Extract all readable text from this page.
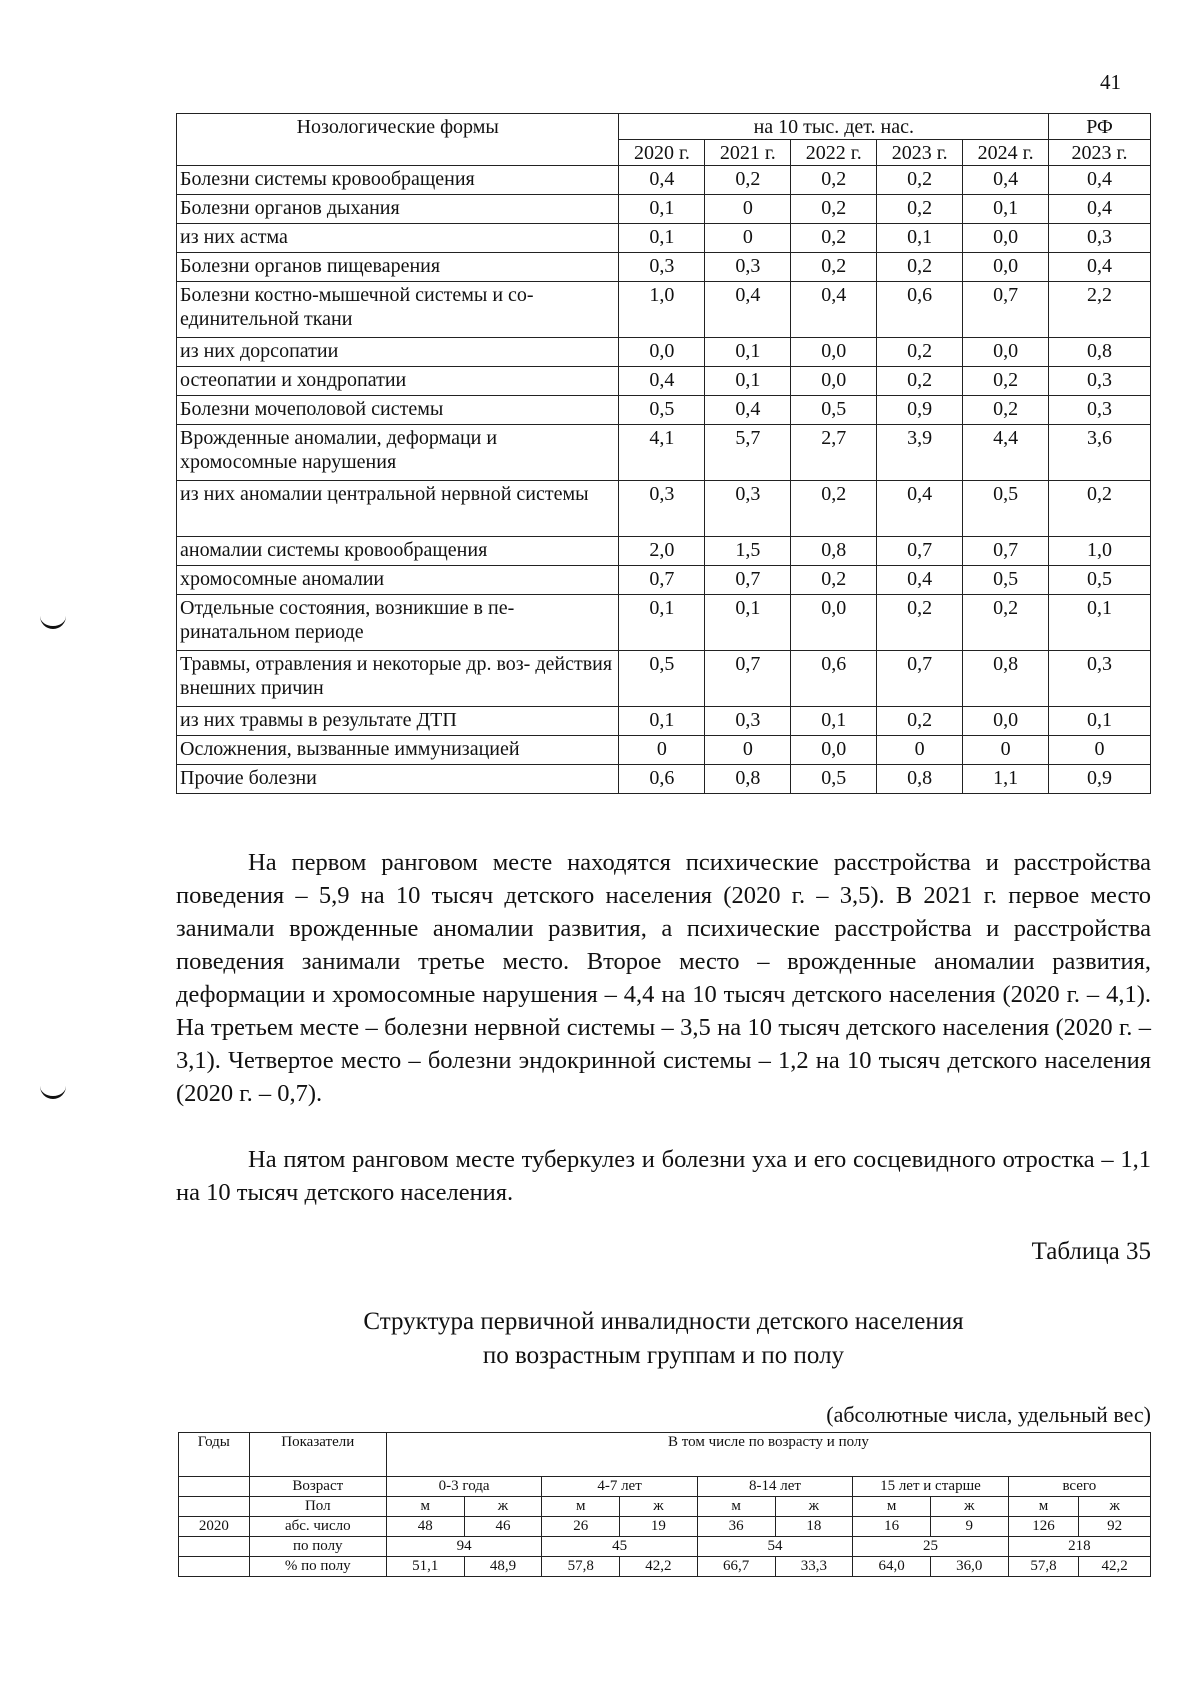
41
Нозологические формы	на 10 тыс. дет. нас.					РФ
	2020 г.	2021 г.	2022 г.	2023 г.	2024 г.	2023 г.
Болезни системы кровообращения	0,4	0,2	0,2	0,2	0,4	0,4
Болезни органов дыхания	0,1	0	0,2	0,2	0,1	0,4
из них астма	0,1	0	0,2	0,1	0,0	0,3
Болезни органов пищеварения	0,3	0,3	0,2	0,2	0,0	0,4
Болезни костно-мышечной системы и со- единительной ткани	1,0	0,4	0,4	0,6	0,7	2,2
из них дорсопатии	0,0	0,1	0,0	0,2	0,0	0,8
остеопатии и хондропатии	0,4	0,1	0,0	0,2	0,2	0,3
Болезни мочеполовой системы	0,5	0,4	0,5	0,9	0,2	0,3
Врожденные аномалии, деформаци и хромосомные нарушения	4,1	5,7	2,7	3,9	4,4	3,6
из них аномалии центральной нервной системы	0,3	0,3	0,2	0,4	0,5	0,2
аномалии системы кровообращения	2,0	1,5	0,8	0,7	0,7	1,0
хромосомные аномалии	0,7	0,7	0,2	0,4	0,5	0,5
Отдельные состояния, возникшие в пе- ринатальном периоде	0,1	0,1	0,0	0,2	0,2	0,1
Травмы, отравления и некоторые др. воз- действия внешних причин	0,5	0,7	0,6	0,7	0,8	0,3
из них травмы в результате ДТП	0,1	0,3	0,1	0,2	0,0	0,1
Осложнения, вызванные иммунизацией	0	0	0,0	0	0	0
Прочие болезни	0,6	0,8	0,5	0,8	1,1	0,9

На первом ранговом месте находятся психические расстройства и расстройства поведения – 5,9 на 10 тысяч детского населения (2020 г. – 3,5). В 2021 г. первое место занимали врожденные аномалии развития, а психические расстройства и расстройства поведения занимали третье место. Второе место – врожденные аномалии развития, деформации и хромосомные нарушения – 4,4 на 10 тысяч детского населения (2020 г. – 4,1). На третьем месте – болезни нервной системы – 3,5 на 10 тысяч детского населения (2020 г. – 3,1). Четвертое место – болезни эндокринной системы – 1,2 на 10 тысяч детского населения (2020 г. – 0,7).

На пятом ранговом месте туберкулез и болезни уха и его сосцевидного отростка – 1,1 на 10 тысяч детского населения.

Таблица 35
Структура первичной инвалидности детского населения
по возрастным группам и по полу
(абсолютные числа, удельный вес)
Годы	Показатели	В том числе по возрасту и полу									
	Возраст	0-3 года		4-7 лет		8-14 лет		15 лет и старше		всего	
	Пол	м	ж	м	ж	м	ж	м	ж	м	ж
2020	абс. число	48	46	26	19	36	18	16	9	126	92
	по полу	94		45		54		25		218	
	% по полу	51,1	48,9	57,8	42,2	66,7	33,3	64,0	36,0	57,8	42,2
